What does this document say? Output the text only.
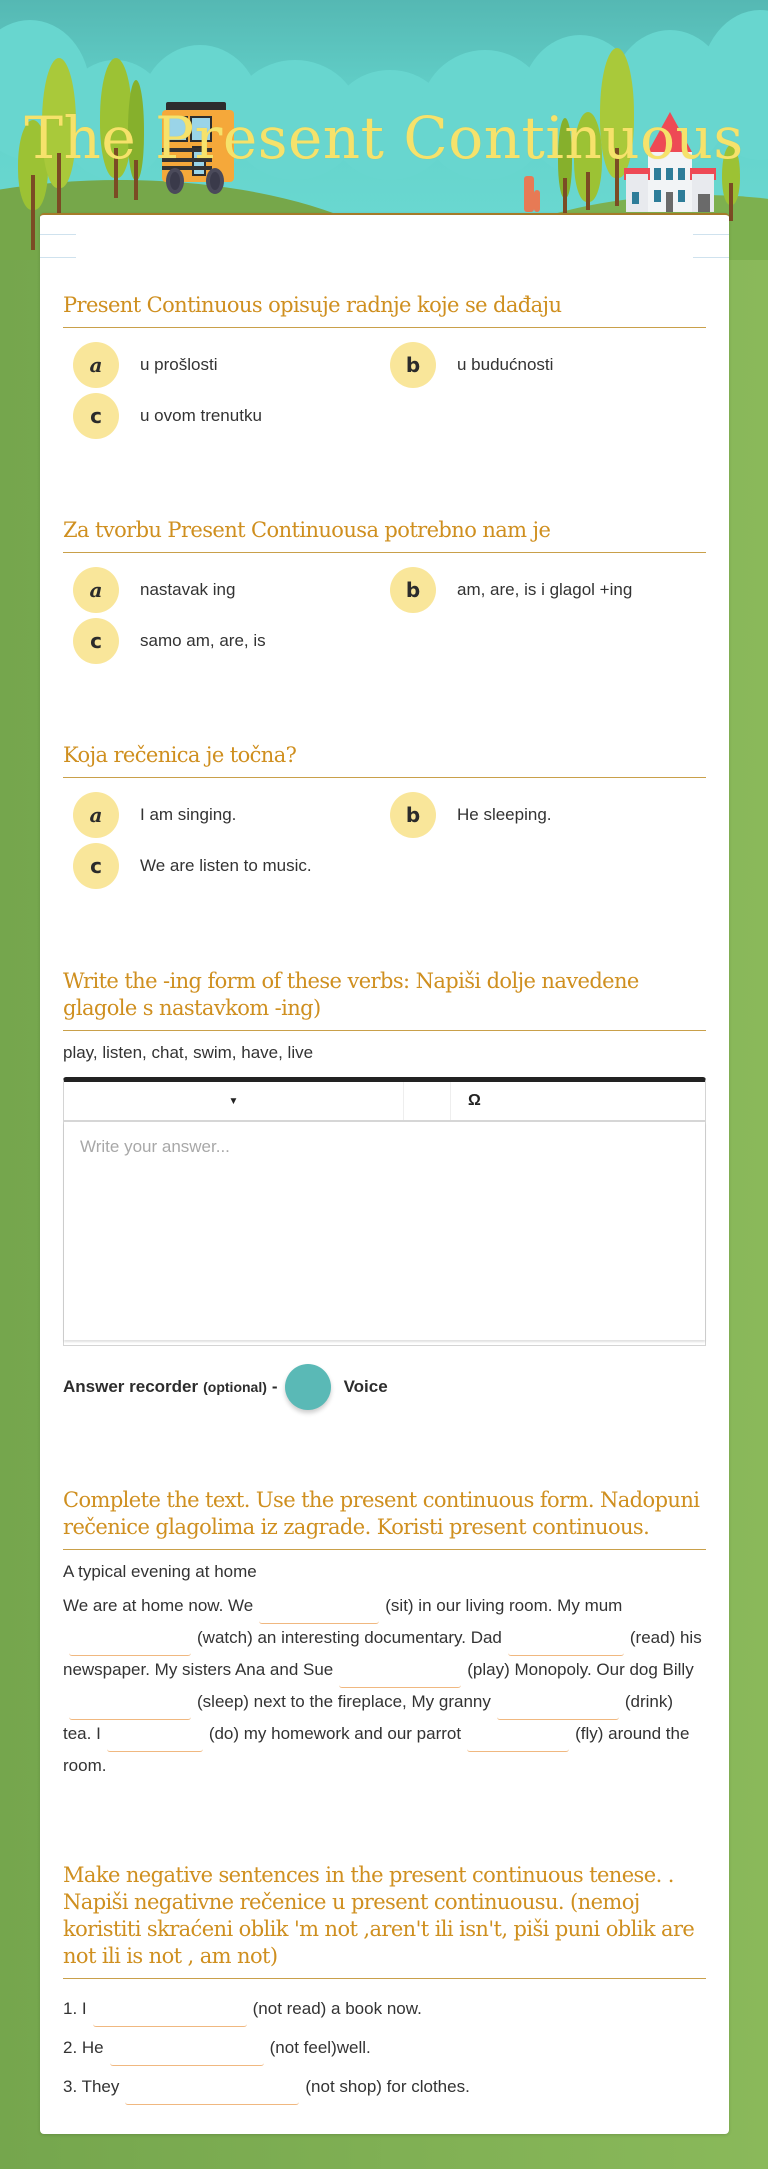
The Present Continuous
Present Continuous opisuje radnje koje se dađaju
a	u prošlosti	b	u budućnosti
c	u ovom trenutku
Za tvorbu Present Continuousa potrebno nam je
a	nastavak ing	b	am, are, is i glagol +ing
c	samo am, are, is
Koja rečenica je točna?
a	I am singing.	b	He sleeping.
c	We are listen to music.
Write the -ing form of these verbs: Napiši dolje navedene glagole s nastavkom -ing)
play, listen, chat, swim, have, live
▼	Ω
Write your answer...
Answer recorder (optional) -	Voice
Complete the text. Use the present continuous form. Nadopuni rečenice glagolima iz zagrade. Koristi present continuous.
A typical evening at home
We are at home now. We	(sit) in our living room. My mum (watch) an interesting documentary. Dad	(read) his newspaper. My sisters Ana and Sue	(play) Monopoly. Our dog Billy(sleep) next to the fireplace, My granny	(drink) tea. I	(do) my homework and our parrot	(fly) around the room.
Make negative sentences in the present continuous tenese. . Napiši negativne rečenice u present continuousu. (nemoj koristiti skraćeni oblik 'm not ,aren't ili isn't, piši puni oblik are not ili is not , am not)
1. I	(not read) a book now.
2. He	(not feel)well.
3. They	(not shop) for clothes.
